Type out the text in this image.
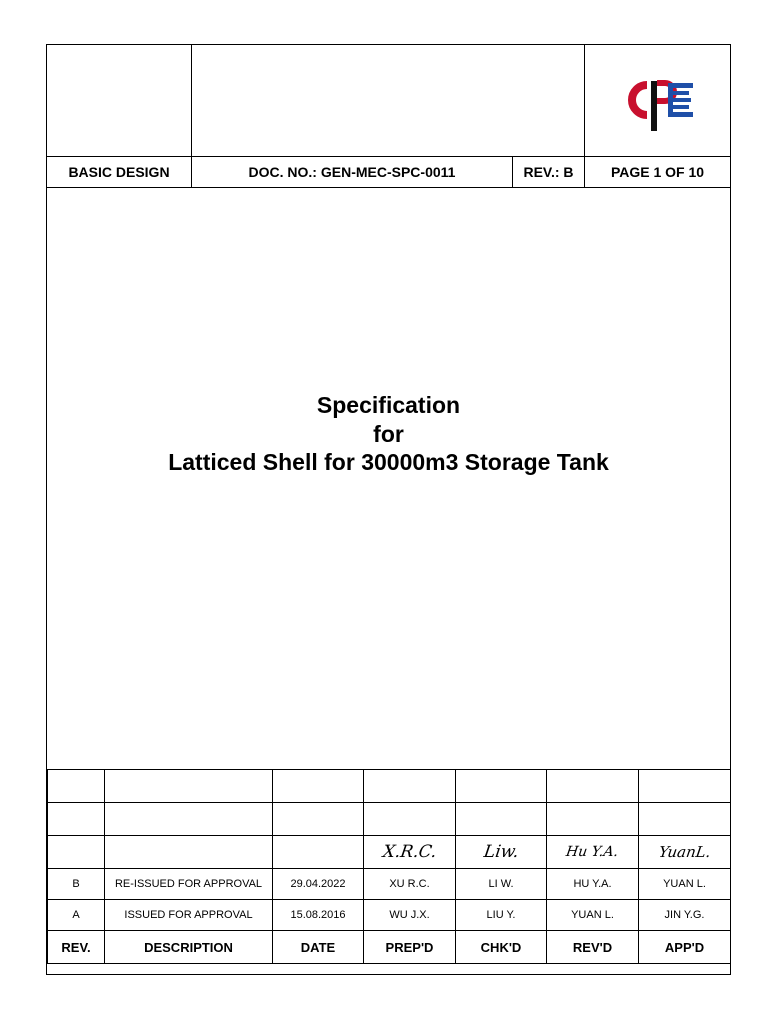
BASIC DESIGN	DOC. NO.: GEN-MEC-SPC-0011	REV.: B	PAGE 1 OF 10
Specification
for
Latticed Shell for 30000m3 Storage Tank

			X.R.C.	Liw.	Hu Y.A.	YuanL.
B	RE-ISSUED FOR APPROVAL	29.04.2022	XU R.C.	LI W.	HU Y.A.	YUAN L.
A	ISSUED FOR APPROVAL	15.08.2016	WU J.X.	LIU Y.	YUAN L.	JIN Y.G.
REV.	DESCRIPTION	DATE	PREP'D	CHK'D	REV'D	APP'D
